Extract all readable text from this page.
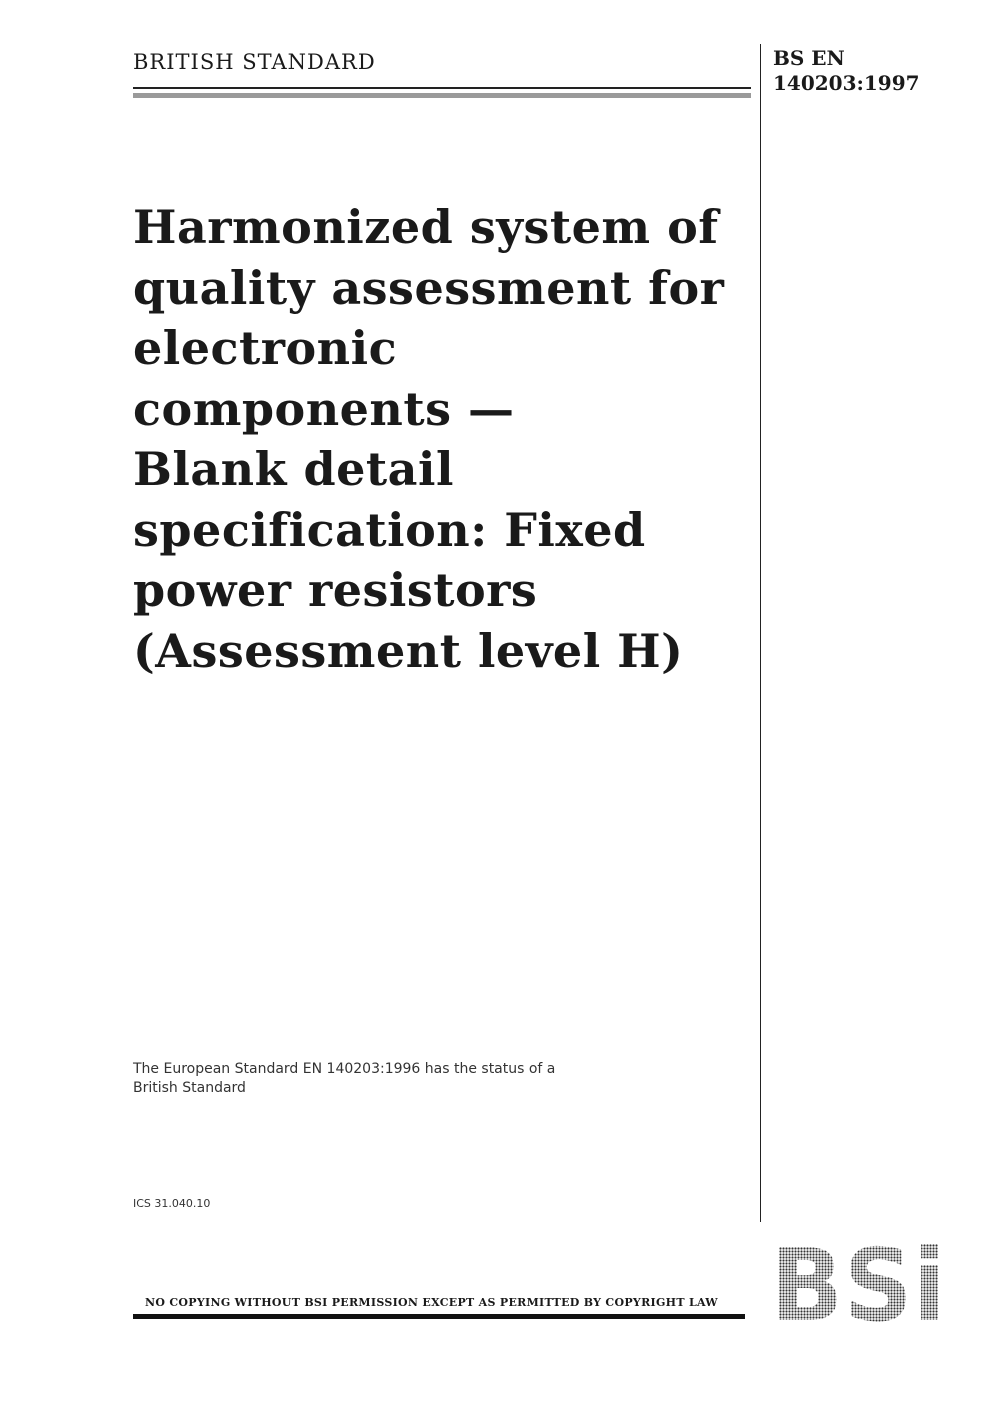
BRITISH STANDARD	BS EN
140203:1997
Harmonized system of
quality assessment for
electronic
components —
Blank detail
specification: Fixed
power resistors
(Assessment level H)
The European Standard EN 140203:1996 has the status of a
British Standard
ICS 31.040.10
NO COPYING WITHOUT BSI PERMISSION EXCEPT AS PERMITTED BY COPYRIGHT LAW BSi
